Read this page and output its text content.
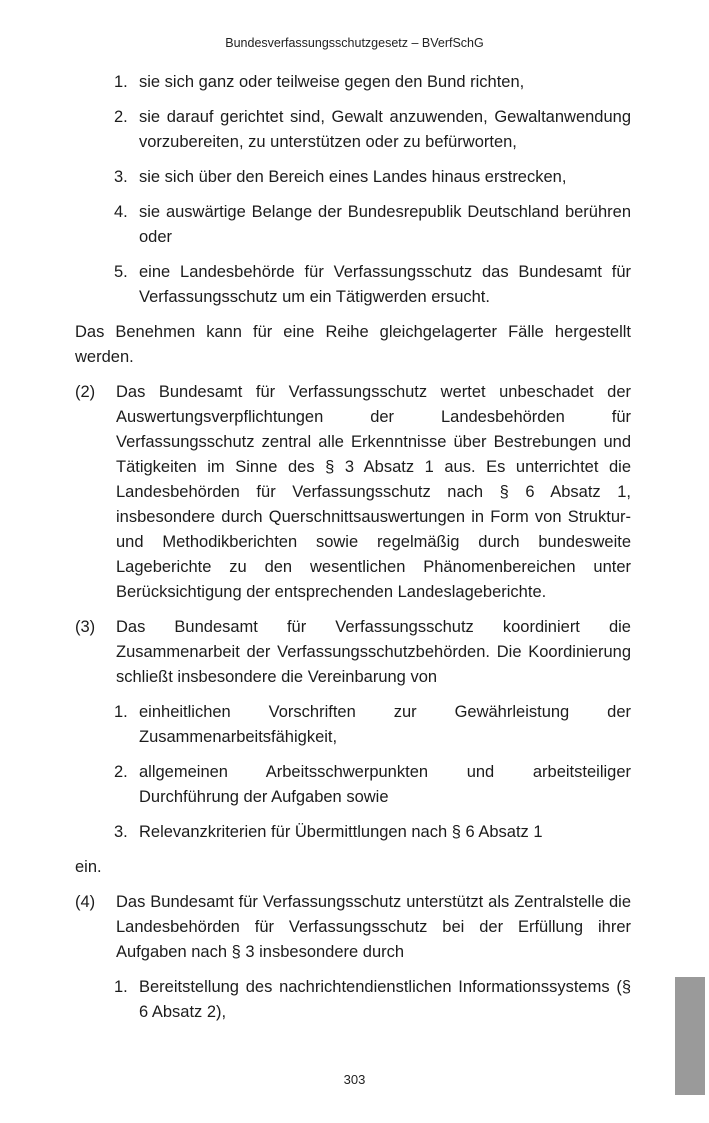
Bundesverfassungsschutzgesetz – BVerfSchG
1. sie sich ganz oder teilweise gegen den Bund richten,
2. sie darauf gerichtet sind, Gewalt anzuwenden, Gewaltanwendung vorzubereiten, zu unterstützen oder zu befürworten,
3. sie sich über den Bereich eines Landes hinaus erstrecken,
4. sie auswärtige Belange der Bundesrepublik Deutschland berühren oder
5. eine Landesbehörde für Verfassungsschutz das Bundesamt für Verfassungsschutz um ein Tätigwerden ersucht.

Das Benehmen kann für eine Reihe gleichgelagerter Fälle hergestellt werden.

(2)	Das Bundesamt für Verfassungsschutz wertet unbeschadet der Auswertungsverpflichtungen der Landesbehörden für Verfassungsschutz zentral alle Erkenntnisse über Bestrebungen und Tätigkeiten im Sinne des § 3 Absatz 1 aus. Es unterrichtet die Landesbehörden für Verfassungsschutz nach § 6 Absatz 1, insbesondere durch Querschnittsauswertungen in Form von Struktur- und Methodikberichten sowie regelmäßig durch bundesweite Lageberichte zu den wesentlichen Phänomenbereichen unter Berücksichtigung der entsprechenden Landeslageberichte.
(3)	Das Bundesamt für Verfassungsschutz koordiniert die Zusammenarbeit der Verfassungsschutzbehörden. Die Koordinierung schließt insbesondere die Vereinbarung von
1. einheitlichen Vorschriften zur Gewährleistung der Zusammenarbeitsfähigkeit,
2. allgemeinen Arbeitsschwerpunkten und arbeitsteiliger Durchführung der Aufgaben sowie
3. Relevanzkriterien für Übermittlungen nach § 6 Absatz 1

ein.

(4)	Das Bundesamt für Verfassungsschutz unterstützt als Zentralstelle die Landesbehörden für Verfassungsschutz bei der Erfüllung ihrer Aufgaben nach § 3 insbesondere durch
1. Bereitstellung des nachrichtendienstlichen Informationssystems (§ 6 Absatz 2),
303
